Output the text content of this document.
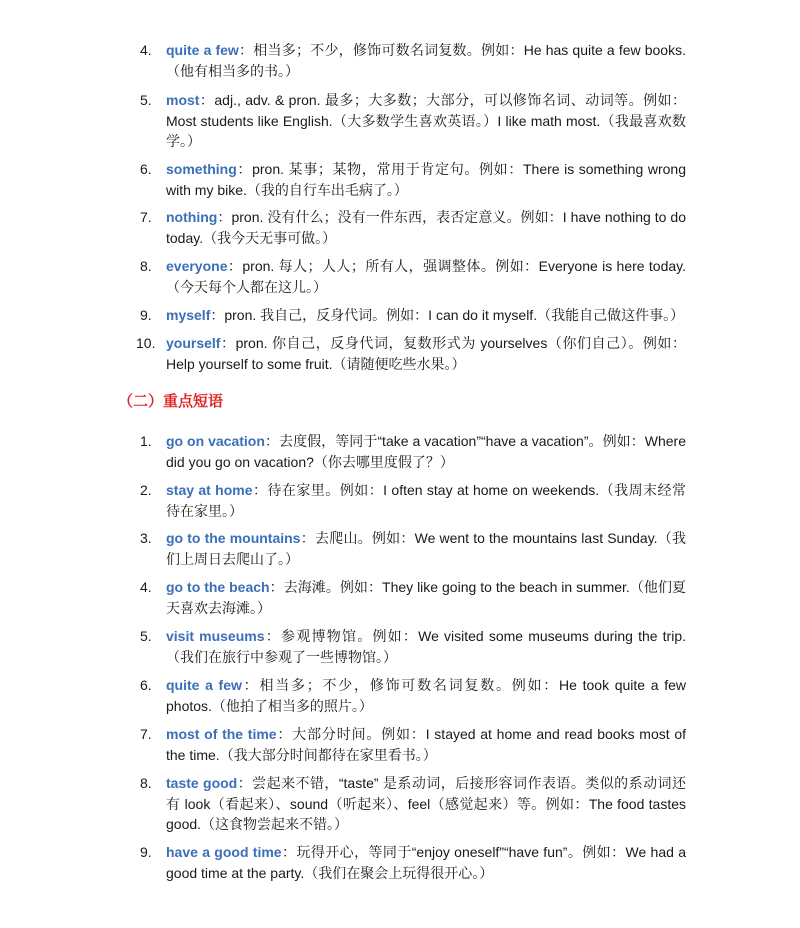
4.	quite a few：相当多；不少，修饰可数名词复数。例如：He has quite a few books.（他有相当多的书。）
5.	most：adj., adv. & pron. 最多；大多数；大部分，可以修饰名词、动词等。例如：Most students like English.（大多数学生喜欢英语。）I like math most.（我最喜欢数学。）
6.	something：pron. 某事；某物，常用于肯定句。例如：There is something wrong with my bike.（我的自行车出毛病了。）
7.	nothing：pron. 没有什么；没有一件东西，表否定意义。例如：I have nothing to do today.（我今天无事可做。）
8.	everyone：pron. 每人；人人；所有人，强调整体。例如：Everyone is here today.（今天每个人都在这儿。）
9.	myself：pron. 我自己，反身代词。例如：I can do it myself.（我能自己做这件事。）
10. yourself：pron. 你自己，反身代词，复数形式为 yourselves（你们自己）。例如：Help yourself to some fruit.（请随便吃些水果。）
（二）重点短语
1.	go on vacation：去度假，等同于“take a vacation”“have a vacation”。例如：Where did you go on vacation?（你去哪里度假了？）
2.	stay at home：待在家里。例如：I often stay at home on weekends.（我周末经常待在家里。）
3.	go to the mountains：去爬山。例如：We went to the mountains last Sunday.（我们上周日去爬山了。）
4.	go to the beach：去海滩。例如：They like going to the beach in summer.（他们夏天喜欢去海滩。）
5.	visit museums：参观博物馆。例如：We visited some museums during the trip.（我们在旅行中参观了一些博物馆。）
6.	quite a few：相当多；不少，修饰可数名词复数。例如：He took quite a few photos.（他拍了相当多的照片。）
7.	most of the time：大部分时间。例如：I stayed at home and read books most of the time.（我大部分时间都待在家里看书。）
8.	taste good：尝起来不错，“taste” 是系动词，后接形容词作表语。类似的系动词还有 look（看起来）、sound（听起来）、feel（感觉起来）等。例如：The food tastes good.（这食物尝起来不错。）
9.	have a good time：玩得开心，等同于“enjoy oneself”“have fun”。例如：We had a good time at the party.（我们在聚会上玩得很开心。）
